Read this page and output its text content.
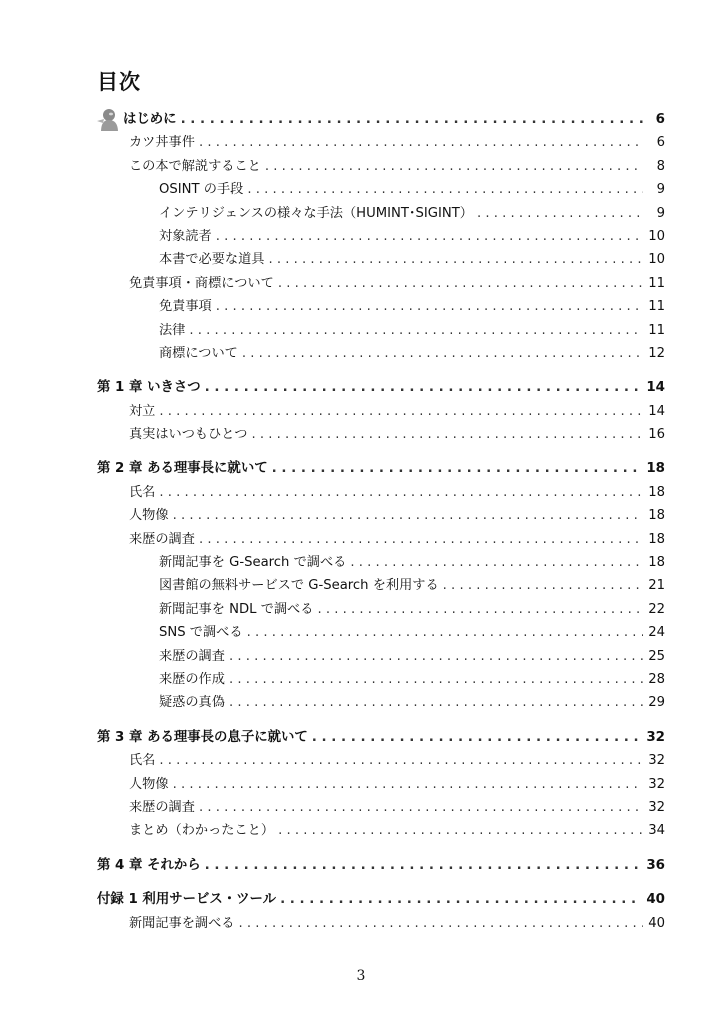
目次
はじめに . . .	6
カツ丼事件 . . .	6
この本で解説すること . . .	8
OSINT の手段 . . .	9
インテリジェンスの様々な手法（HUMINT･SIGINT） . . .	9
対象読者 . . .	10
本書で必要な道具 . . .	10
免責事項・商標について . . .	11
免責事項 . . .	11
法律 . . .	11
商標について . . .	12
第 1 章 いきさつ . . .	14
対立 . . .	14
真実はいつもひとつ . . .	16
第 2 章 ある理事長に就いて . . .	18
氏名 . . .	18
人物像 . . .	18
来歴の調査 . . .	18
新聞記事を G-Search で調べる . . .	18
図書館の無料サービスで G-Search を利用する . . .	21
新聞記事を NDL で調べる . . .	22
SNS で調べる . . .	24
来歴の調査 . . .	25
来歴の作成 . . .	28
疑惑の真偽 . . .	29
第 3 章 ある理事長の息子に就いて . . .	32
氏名 . . .	32
人物像 . . .	32
来歴の調査 . . .	32
まとめ（わかったこと） . . .	34
第 4 章 それから . . .	36
付録 1 利用サービス・ツール . . .	40
新聞記事を調べる . . .	40
3
